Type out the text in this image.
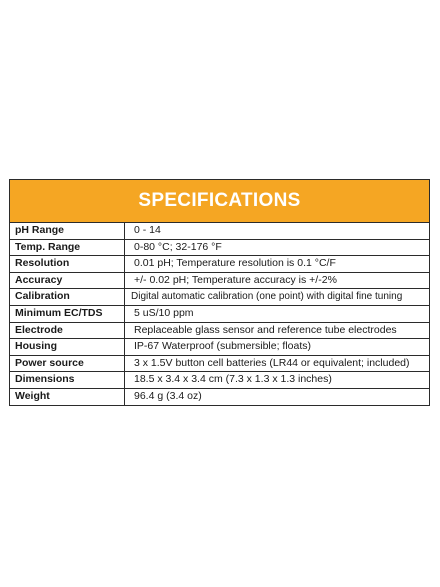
SPECIFICATIONS
pH Range	0 - 14
Temp. Range	0-80 °C; 32-176 °F
Resolution	0.01 pH; Temperature resolution is 0.1 °C/F
Accuracy	+/- 0.02 pH; Temperature accuracy is +/-2%
Calibration	Digital automatic calibration (one point) with digital fine tuning
Minimum EC/TDS	5 uS/10 ppm
Electrode	Replaceable glass sensor and reference tube electrodes
Housing	IP-67 Waterproof (submersible; floats)
Power source	3 x 1.5V button cell batteries (LR44 or equivalent; included)
Dimensions	18.5 x 3.4 x 3.4 cm (7.3 x 1.3 x 1.3 inches)
Weight	96.4 g (3.4 oz)
